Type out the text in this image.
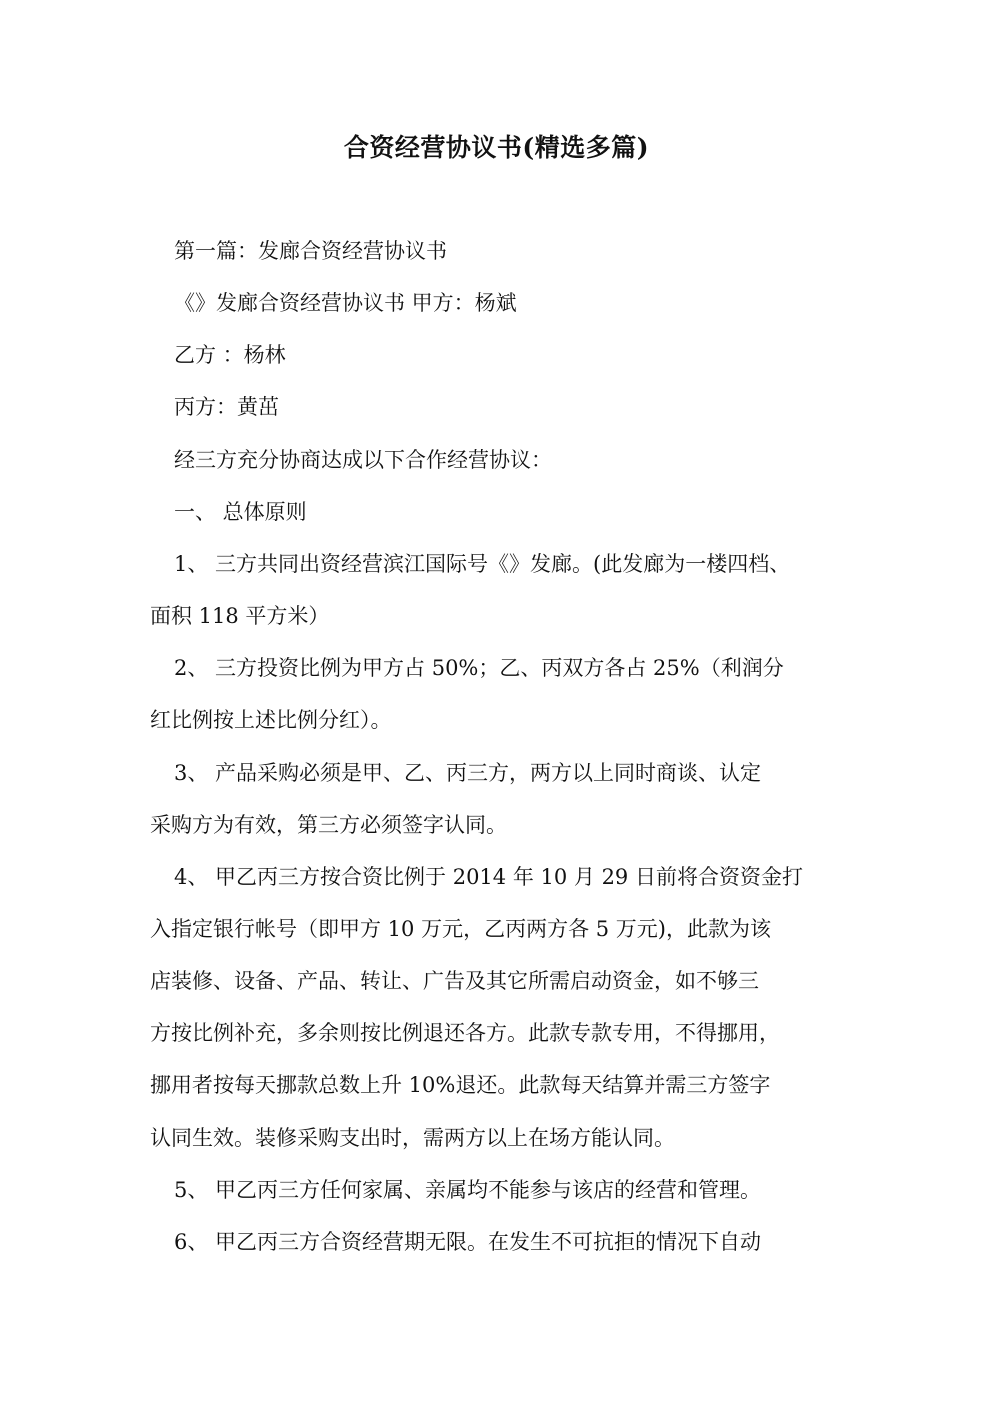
合资经营协议书(精选多篇)
第一篇：发廊合资经营协议书
《》发廊合资经营协议书 甲方：杨斌
乙方 ：杨林
丙方：黄茁
经三方充分协商达成以下合作经营协议：
一、 总体原则
1、 三方共同出资经营滨江国际号《》发廊。(此发廊为一楼四档、
面积 118 平方米）
2、 三方投资比例为甲方占 50%；乙、丙双方各占 25%（利润分
红比例按上述比例分红）。
3、 产品采购必须是甲、乙、丙三方，两方以上同时商谈、认定
采购方为有效，第三方必须签字认同。
4、 甲乙丙三方按合资比例于 2014 年 10 月 29 日前将合资资金打
入指定银行帐号（即甲方 10 万元，乙丙两方各 5 万元)，此款为该
店装修、设备、产品、转让、广告及其它所需启动资金，如不够三
方按比例补充，多余则按比例退还各方。此款专款专用，不得挪用，
挪用者按每天挪款总数上升 10%退还。此款每天结算并需三方签字
认同生效。装修采购支出时，需两方以上在场方能认同。
5、 甲乙丙三方任何家属、亲属均不能参与该店的经营和管理。
6、 甲乙丙三方合资经营期无限。在发生不可抗拒的情况下自动
